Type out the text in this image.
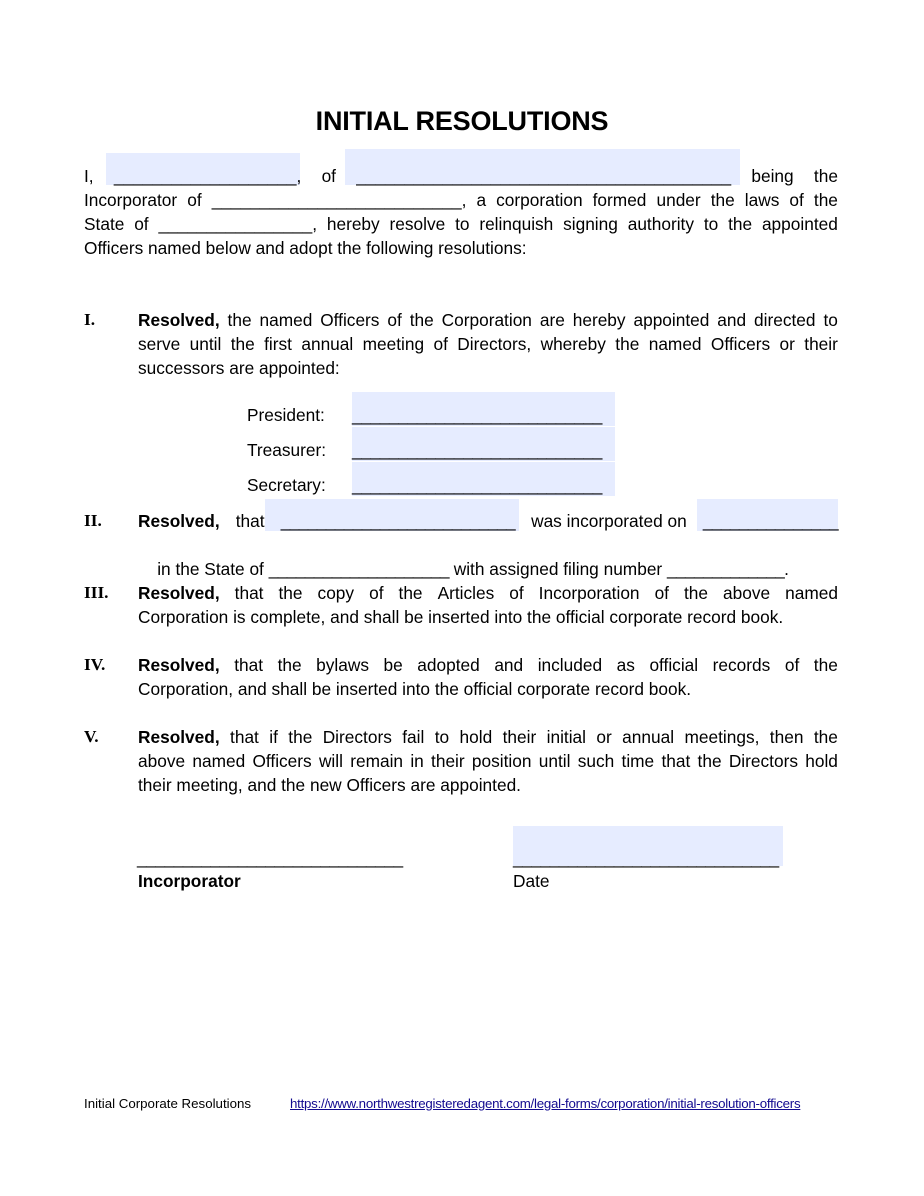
INITIAL RESOLUTIONS
I, ___________________, of _______________________________________ being the
Incorporator of __________________________, a corporation formed under the laws of the
State of ________________, hereby resolve to relinquish signing authority to the appointed
Officers named below and adopt the following resolutions:
I. Resolved, the named Officers of the Corporation are hereby appointed and directed to
serve until the first annual meeting of Directors, whereby the named Officers or their
successors are appointed:
President: ___________________________
Treasurer: ___________________________
Secretary: ___________________________
II. Resolved, that __________________________ was incorporated on _______________

in the State of ____________________ with assigned filing number _____________.

III. Resolved, that the copy of the Articles of Incorporation of the above named
Corporation is complete, and shall be inserted into the official corporate record book.
IV. Resolved, that the bylaws be adopted and included as official records of the
Corporation, and shall be inserted into the official corporate record book.
V. Resolved, that if the Directors fail to hold their initial or annual meetings, then the
above named Officers will remain in their position until such time that the Directors hold
their meeting, and the new Officers are appointed.
_____________________________
Incorporator
_____________________________
Date
Initial Corporate Resolutions	https://www.northwestregisteredagent.com/legal-forms/corporation/initial-resolution-officers
